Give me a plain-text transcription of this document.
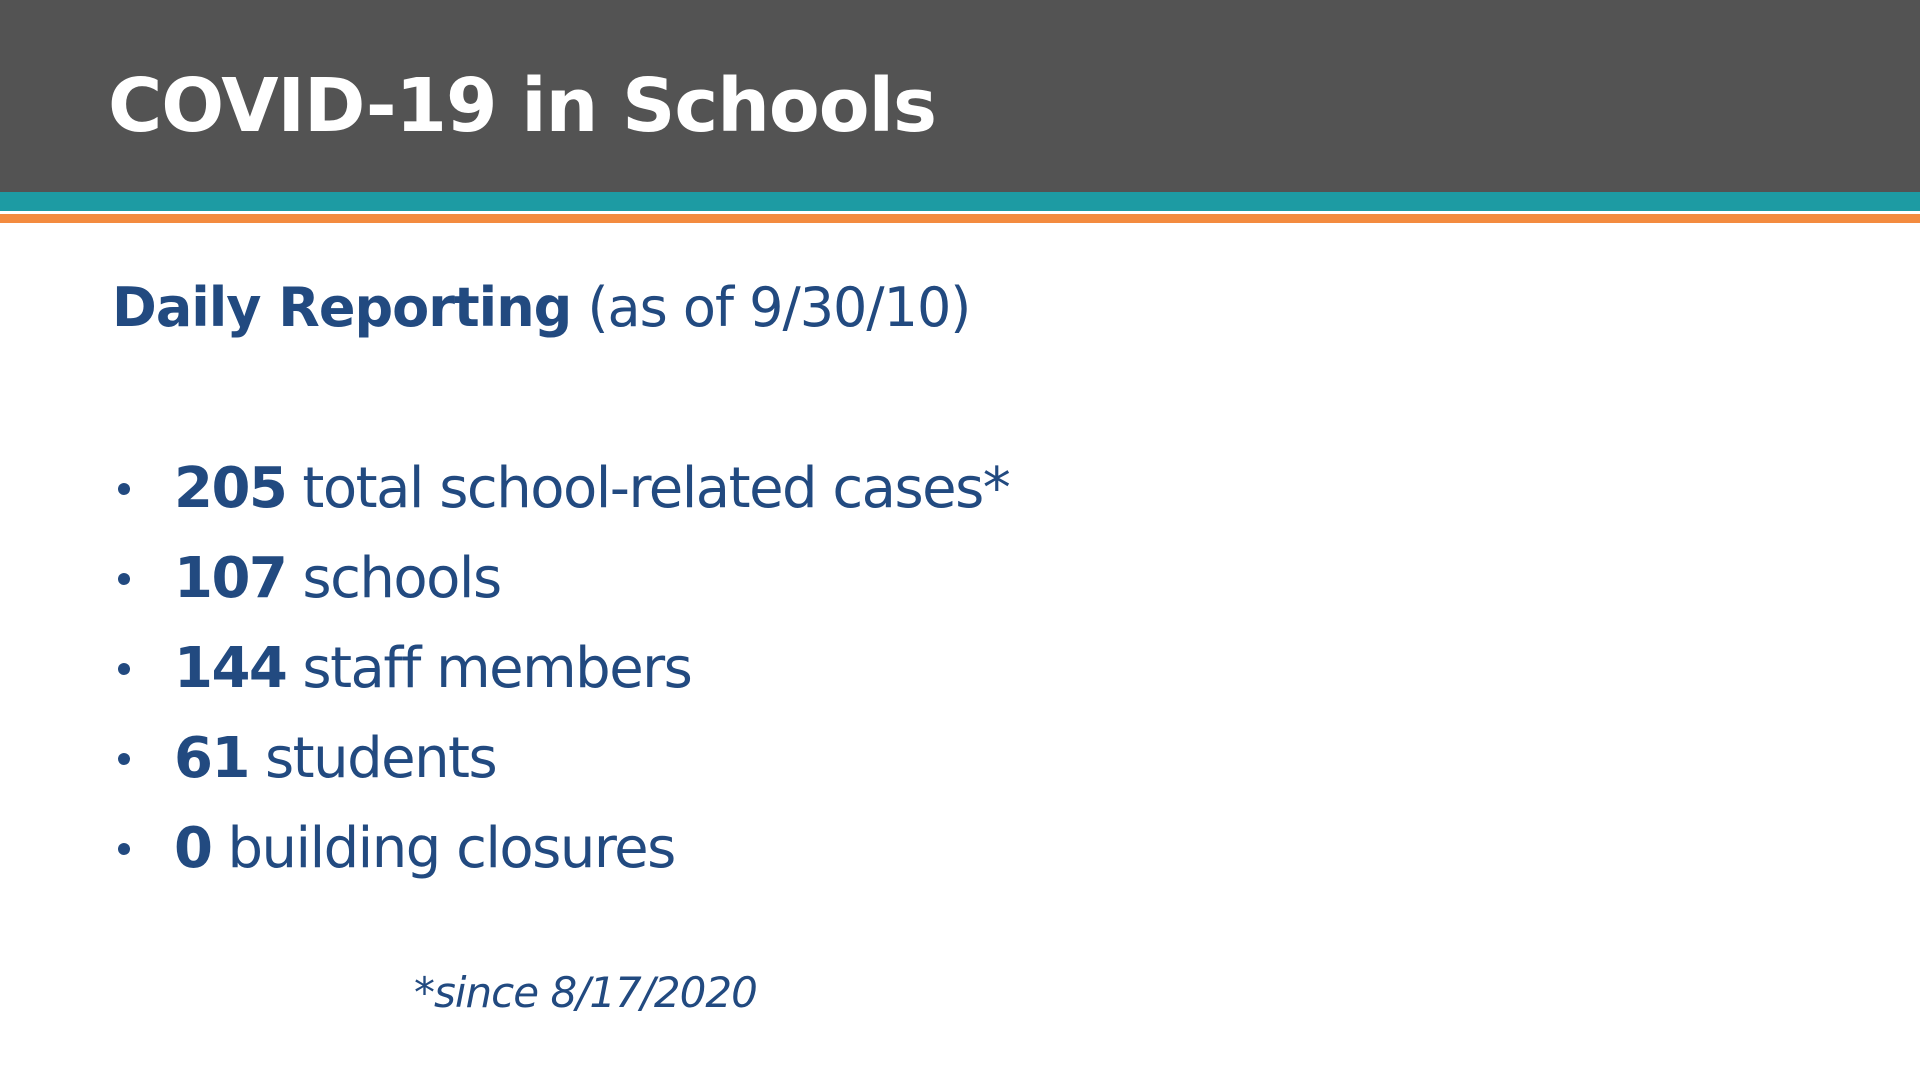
COVID-19 in Schools

Daily Reporting (as of 9/30/10)

205 total school-related cases*
107 schools
144 staff members
61 students
0 building closures

*since 8/17/2020
